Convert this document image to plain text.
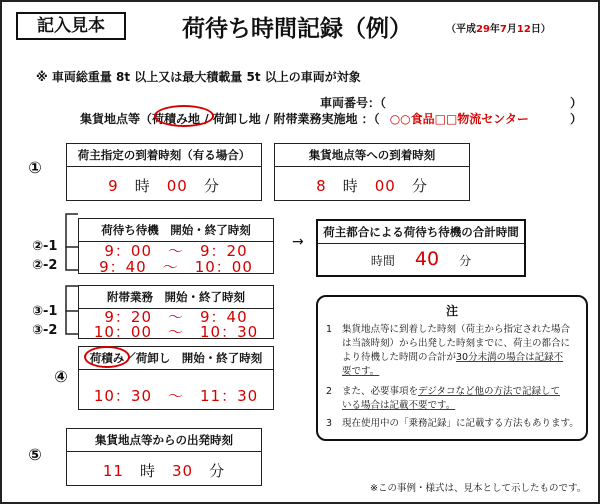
記入見本	荷待ち時間記録（例）	（平成29年7月12日）
※ 車両総重量 8t 以上又は最大積載量 5t 以上の車両が対象
車両番号：（	）
集貨地点等（荷積み地 / 荷卸し地 / 附帯業務実施地 ：（ ○○食品□□物流センター	）
①
荷主指定の到着時刻（有る場合）
9　 時　 00　 分
集貨地点等への到着時刻
8　 時　 00　 分
②-1
②-2
荷待ち待機　開始・終了時刻
9：00　～　9：20
9：40　～　10：00
→
荷主都合による荷待ち待機の合計時間
時間　 40　 分
③-1
③-2
附帯業務　開始・終了時刻
9：20　～　9：40
10：00　～　10：30
④
荷積み／荷卸し　開始・終了時刻
10：30　～　11：30
⑤
集貨地点等からの出発時刻
11　 時　 30　 分
注
1 集貨地点等に到着した時刻（荷主から指定された場合
は当該時刻）から出発した時刻までに、荷主の都合に
より待機した時間の合計が30分未満の場合は記録不
要です。
2 また、必要事項をデジタコなど他の方法で記録して
いる場合は記載不要です。
3 現在使用中の「乗務記録」に記載する方法もあります。
※この事例・様式は、見本として示したものです。
